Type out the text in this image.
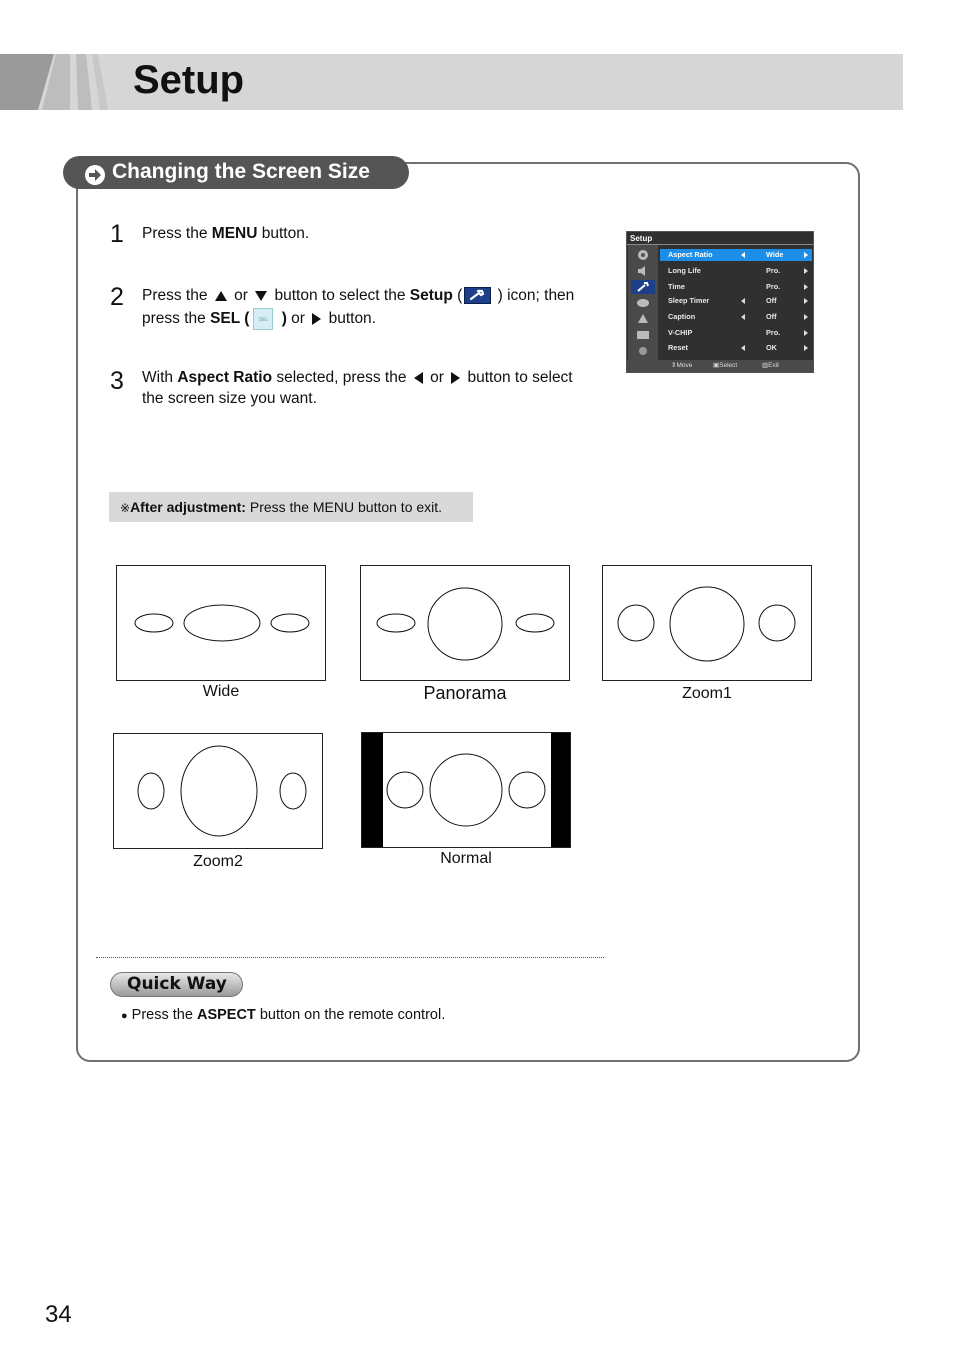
Setup
Changing the Screen Size
1 Press the MENU button.
2 Press the  or  button to select the Setup ( ) icon; then
press the SEL ( SEL ) or  button.
3 With Aspect Ratio selected, press the  or  button to select
the screen size you want.
Setup
Aspect Ratio	Wide
Long Life	Pro.
Time	Pro.
Sleep Timer	Off
Caption	Off
V-CHIP	Pro.
Reset	OK
⇕Move	▣Select	▥Exit
※After adjustment: Press the MENU button to exit.
Wide	Panorama	Zoom1
Zoom2	Normal
Quick Way
● Press the ASPECT button on the remote control.
34
